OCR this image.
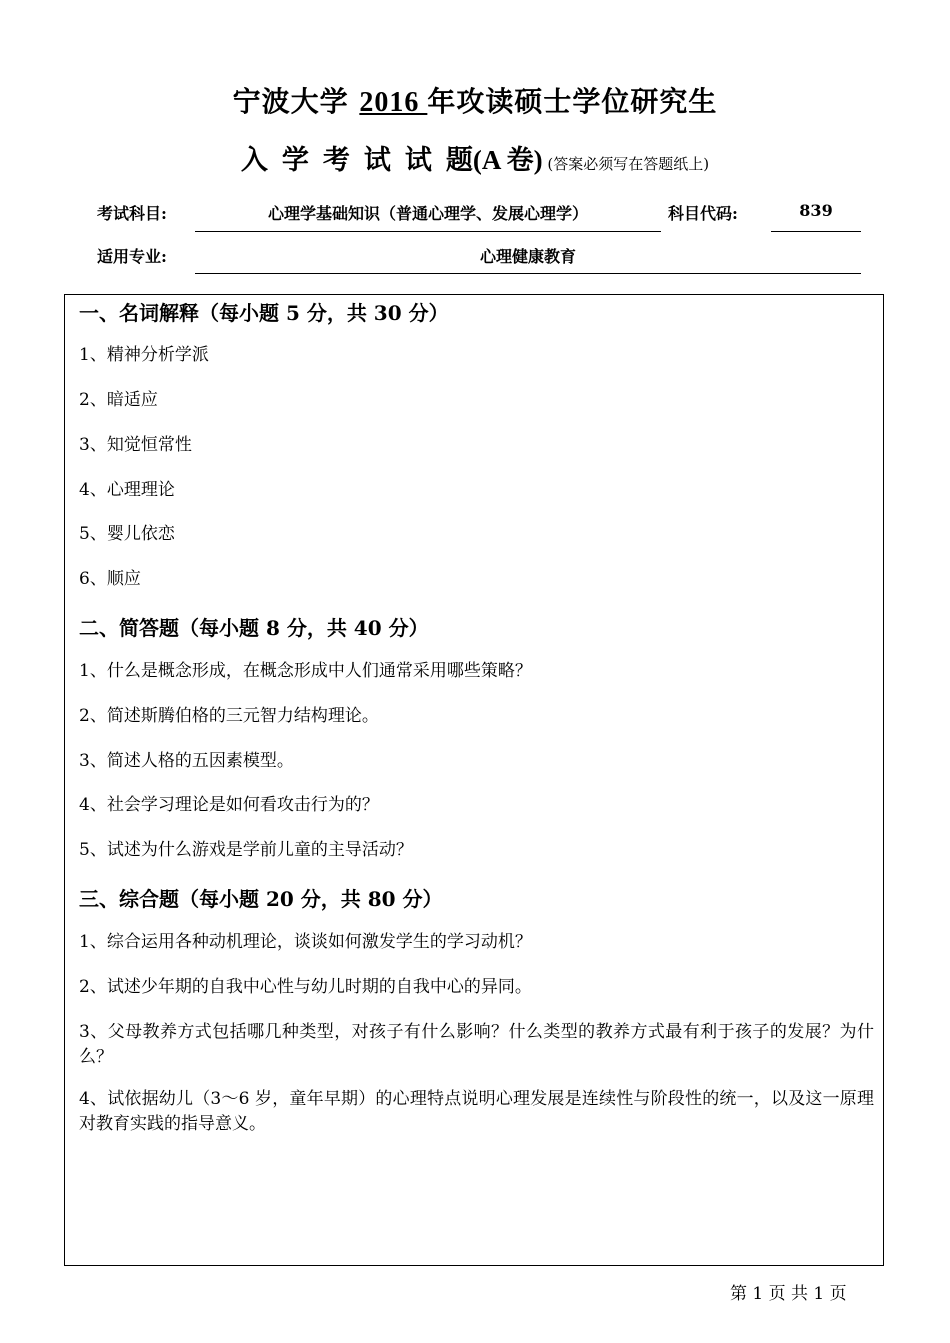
宁波大学 2016 年攻读硕士学位研究生
入学考试试题(A 卷) (答案必须写在答题纸上)
考试科目:	心理学基础知识（普通心理学、发展心理学）	科目代码:	839
适用专业:	心理健康教育
一、名词解释（每小题 5 分，共 30 分）
1、精神分析学派
2、暗适应
3、知觉恒常性
4、心理理论
5、婴儿依恋
6、顺应
二、简答题（每小题 8 分，共 40 分）
1、什么是概念形成，在概念形成中人们通常采用哪些策略？
2、简述斯腾伯格的三元智力结构理论。
3、简述人格的五因素模型。
4、社会学习理论是如何看攻击行为的？
5、试述为什么游戏是学前儿童的主导活动？
三、综合题（每小题 20 分，共 80 分）
1、综合运用各种动机理论，谈谈如何激发学生的学习动机？
2、试述少年期的自我中心性与幼儿时期的自我中心的异同。
3、父母教养方式包括哪几种类型，对孩子有什么影响？什么类型的教养方式最有利于孩子的发展？为什么？
4、试依据幼儿（3～6 岁，童年早期）的心理特点说明心理发展是连续性与阶段性的统一，以及这一原理对教育实践的指导意义。
第 1 页 共 1 页
